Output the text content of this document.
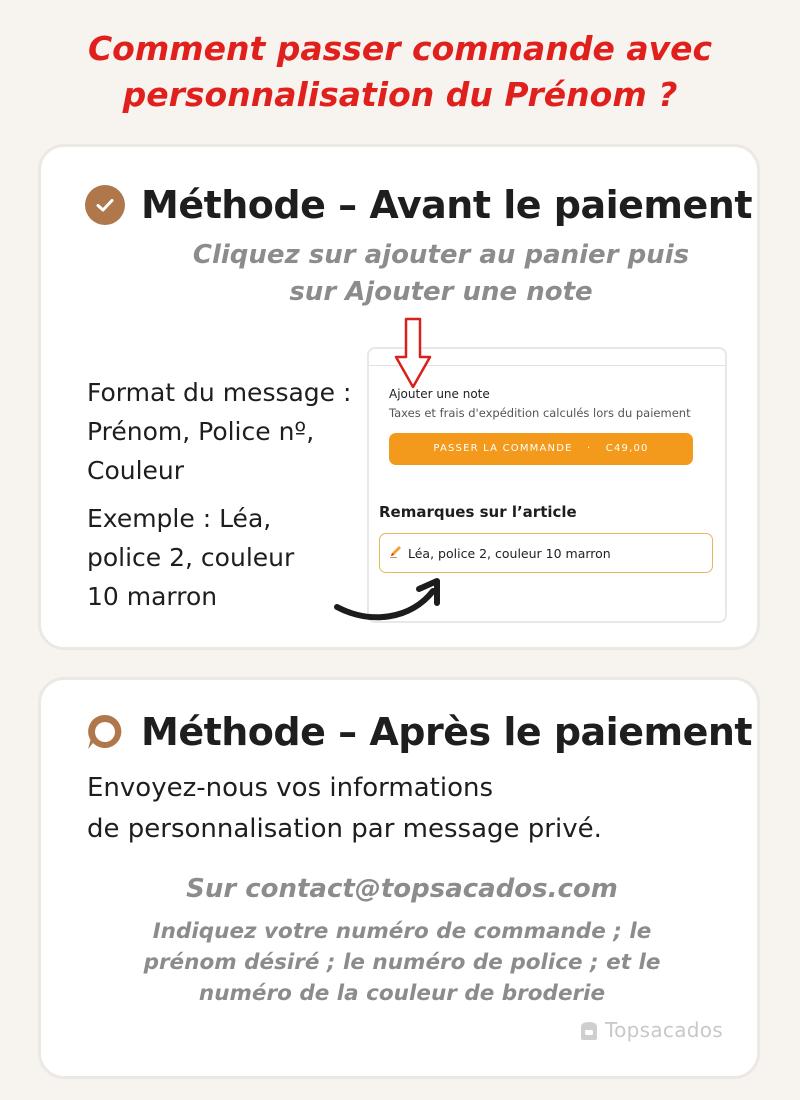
Comment passer commande avec
personnalisation du Prénom ?
Méthode – Avant le paiement
Cliquez sur ajouter au panier puis
sur Ajouter une note
Format du message :
Prénom, Police nº,
Couleur
Exemple : Léa,
police 2, couleur
10 marron
Ajouter une note
Taxes et frais d'expédition calculés lors du paiement
PASSER LA COMMANDE · C49,00
Remarques sur l’article
Léa, police 2, couleur 10 marron
Méthode – Après le paiement
Envoyez-nous vos informations
de personnalisation par message privé.
Sur contact@topsacados.com
Indiquez votre numéro de commande ; le
prénom désiré ; le numéro de police ; et le
numéro de la couleur de broderie
Topsacados
